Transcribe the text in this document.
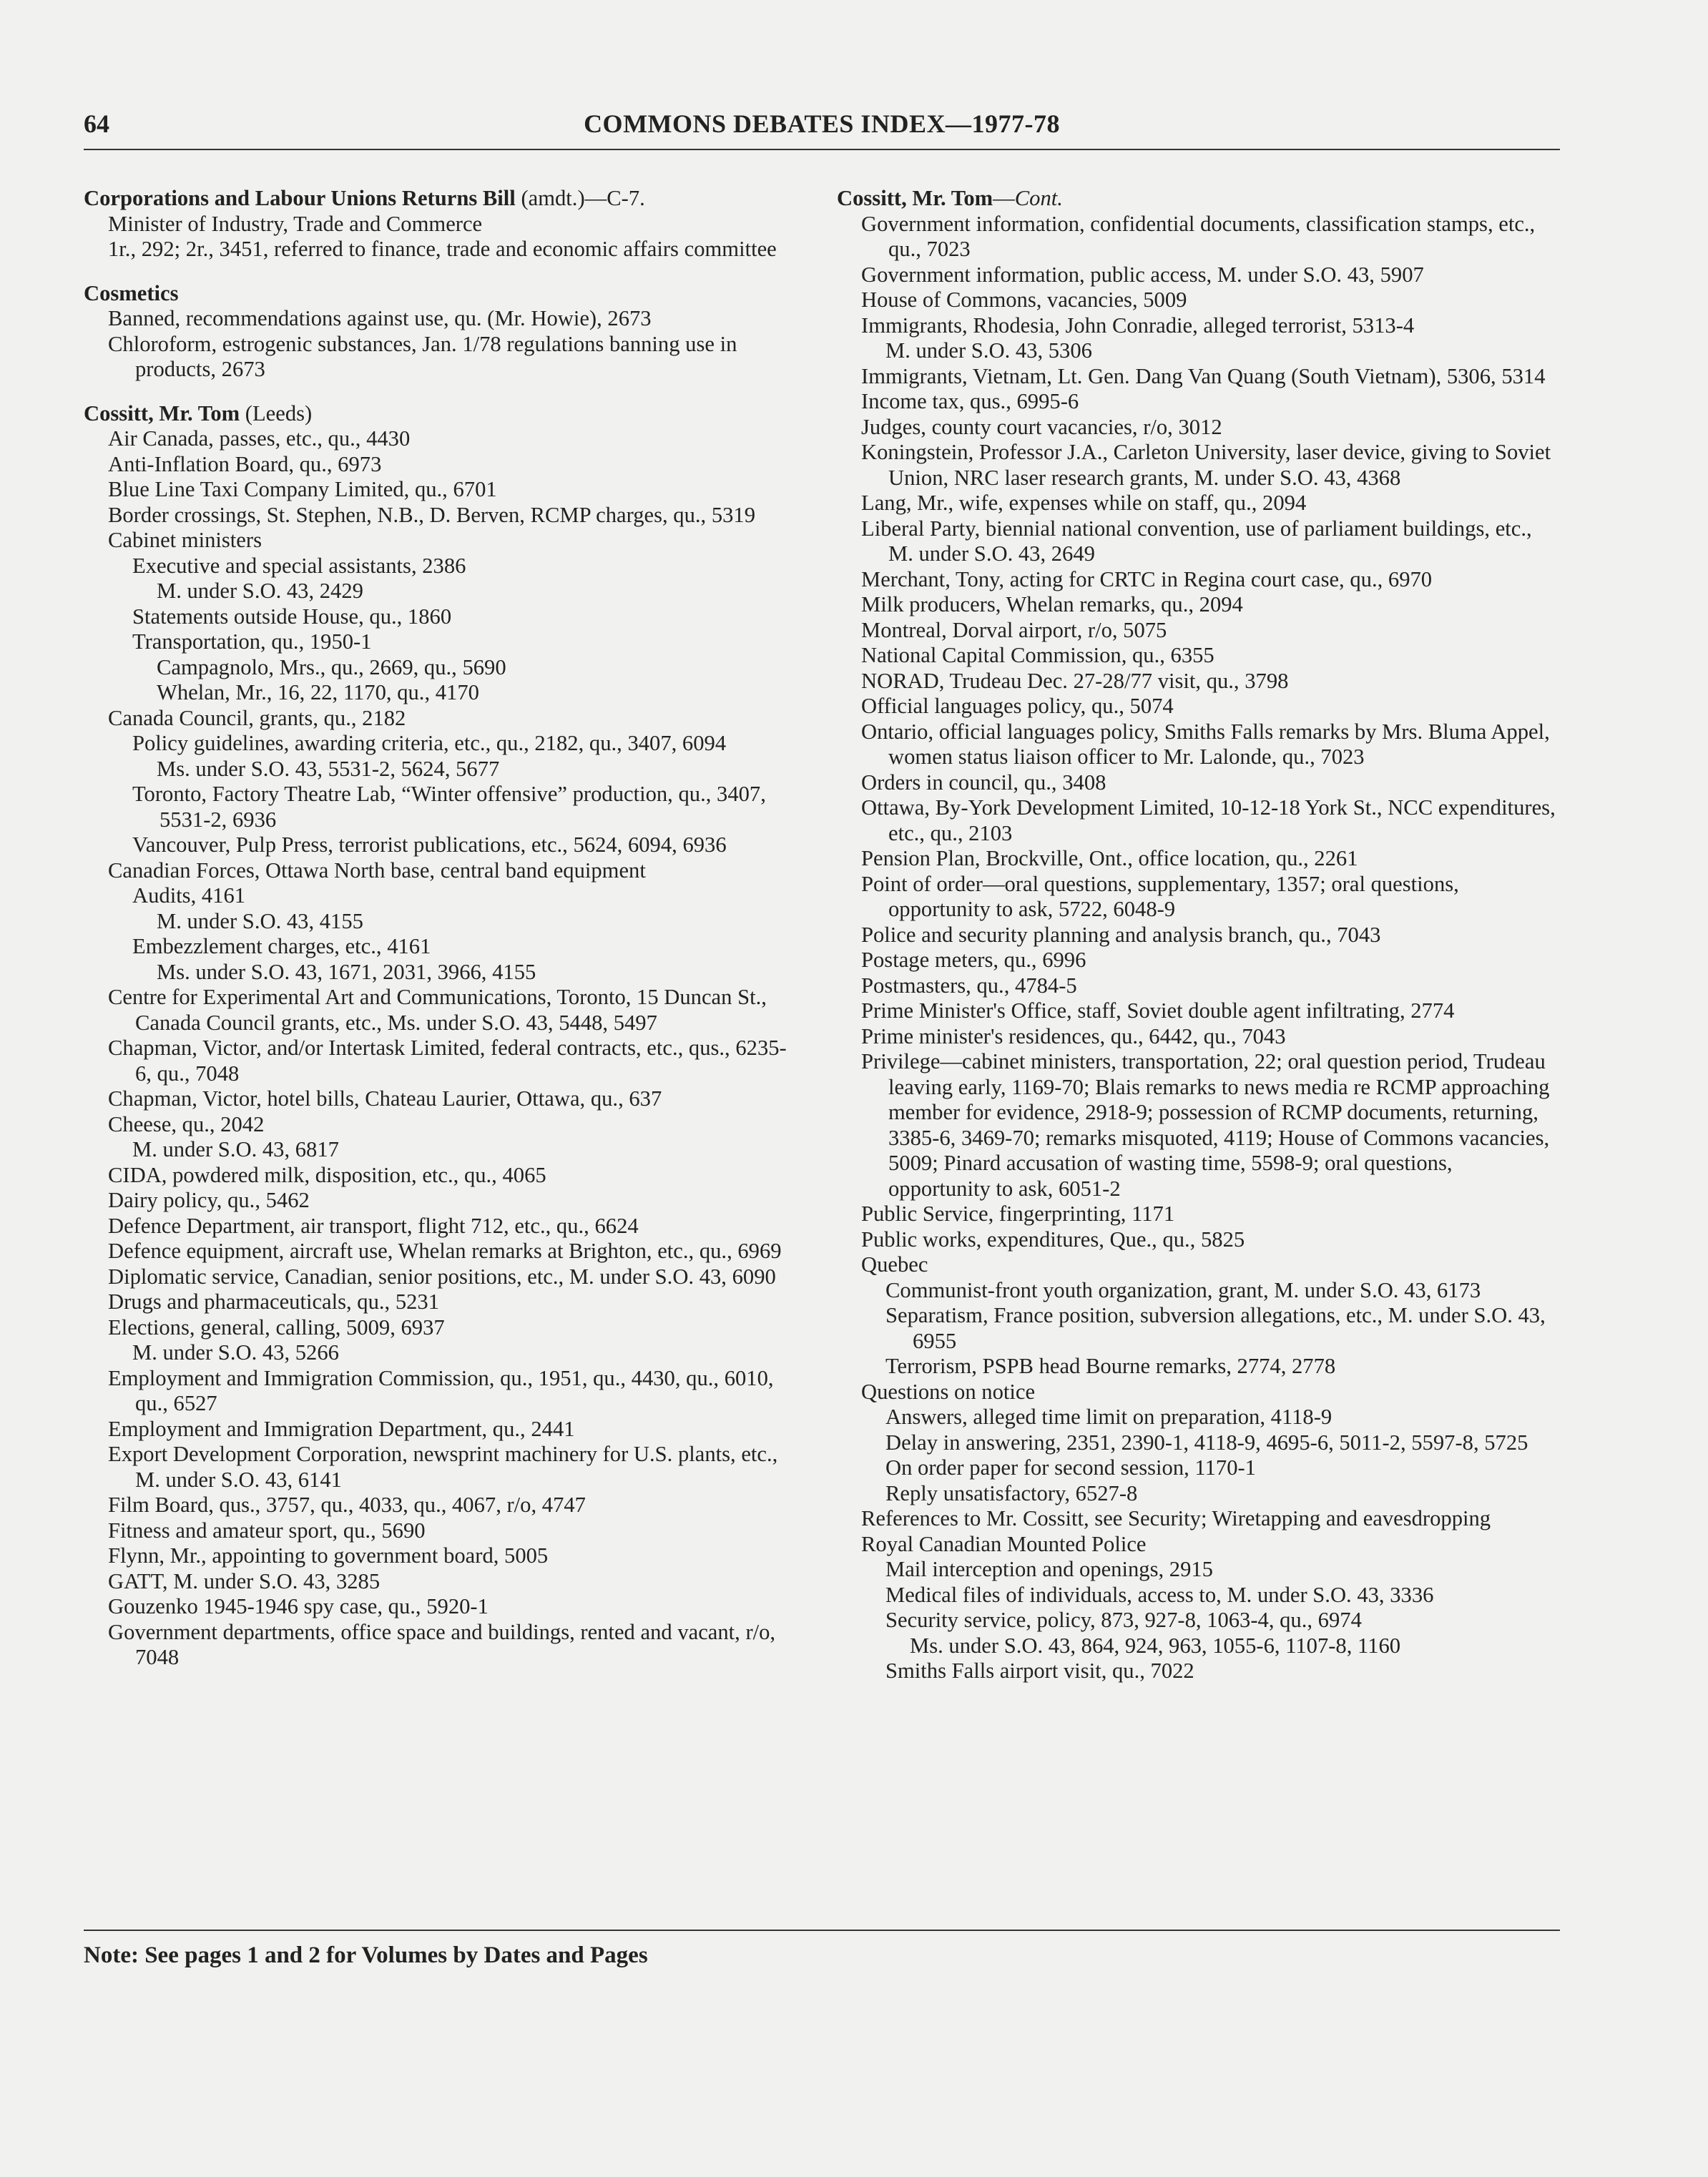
64	COMMONS DEBATES INDEX—1977-78
Corporations and Labour Unions Returns Bill (amdt.)—C-7.
Minister of Industry, Trade and Commerce
1r., 292; 2r., 3451, referred to finance, trade and economic affairs committee
Cosmetics
Banned, recommendations against use, qu. (Mr. Howie), 2673
Chloroform, estrogenic substances, Jan. 1/78 regulations banning use in products, 2673
Cossitt, Mr. Tom (Leeds)
Air Canada, passes, etc., qu., 4430
Anti-Inflation Board, qu., 6973
Blue Line Taxi Company Limited, qu., 6701
Border crossings, St. Stephen, N.B., D. Berven, RCMP charges, qu., 5319
Cabinet ministers
Executive and special assistants, 2386
M. under S.O. 43, 2429
Statements outside House, qu., 1860
Transportation, qu., 1950-1
Campagnolo, Mrs., qu., 2669, qu., 5690
Whelan, Mr., 16, 22, 1170, qu., 4170
Canada Council, grants, qu., 2182
Policy guidelines, awarding criteria, etc., qu., 2182, qu., 3407, 6094
Ms. under S.O. 43, 5531-2, 5624, 5677
Toronto, Factory Theatre Lab, “Winter offensive” production, qu., 3407, 5531-2, 6936
Vancouver, Pulp Press, terrorist publications, etc., 5624, 6094, 6936
Canadian Forces, Ottawa North base, central band equipment
Audits, 4161
M. under S.O. 43, 4155
Embezzlement charges, etc., 4161
Ms. under S.O. 43, 1671, 2031, 3966, 4155
Centre for Experimental Art and Communications, Toronto, 15 Duncan St., Canada Council grants, etc., Ms. under S.O. 43, 5448, 5497
Chapman, Victor, and/or Intertask Limited, federal contracts, etc., qus., 6235-6, qu., 7048
Chapman, Victor, hotel bills, Chateau Laurier, Ottawa, qu., 637
Cheese, qu., 2042
M. under S.O. 43, 6817
CIDA, powdered milk, disposition, etc., qu., 4065
Dairy policy, qu., 5462
Defence Department, air transport, flight 712, etc., qu., 6624
Defence equipment, aircraft use, Whelan remarks at Brighton, etc., qu., 6969
Diplomatic service, Canadian, senior positions, etc., M. under S.O. 43, 6090
Drugs and pharmaceuticals, qu., 5231
Elections, general, calling, 5009, 6937
M. under S.O. 43, 5266
Employment and Immigration Commission, qu., 1951, qu., 4430, qu., 6010, qu., 6527
Employment and Immigration Department, qu., 2441
Export Development Corporation, newsprint machinery for U.S. plants, etc., M. under S.O. 43, 6141
Film Board, qus., 3757, qu., 4033, qu., 4067, r/o, 4747
Fitness and amateur sport, qu., 5690
Flynn, Mr., appointing to government board, 5005
GATT, M. under S.O. 43, 3285
Gouzenko 1945-1946 spy case, qu., 5920-1
Government departments, office space and buildings, rented and vacant, r/o, 7048
Cossitt, Mr. Tom—Cont.
Government information, confidential documents, classification stamps, etc., qu., 7023
Government information, public access, M. under S.O. 43, 5907
House of Commons, vacancies, 5009
Immigrants, Rhodesia, John Conradie, alleged terrorist, 5313-4
M. under S.O. 43, 5306
Immigrants, Vietnam, Lt. Gen. Dang Van Quang (South Vietnam), 5306, 5314
Income tax, qus., 6995-6
Judges, county court vacancies, r/o, 3012
Koningstein, Professor J.A., Carleton University, laser device, giving to Soviet Union, NRC laser research grants, M. under S.O. 43, 4368
Lang, Mr., wife, expenses while on staff, qu., 2094
Liberal Party, biennial national convention, use of parliament buildings, etc., M. under S.O. 43, 2649
Merchant, Tony, acting for CRTC in Regina court case, qu., 6970
Milk producers, Whelan remarks, qu., 2094
Montreal, Dorval airport, r/o, 5075
National Capital Commission, qu., 6355
NORAD, Trudeau Dec. 27-28/77 visit, qu., 3798
Official languages policy, qu., 5074
Ontario, official languages policy, Smiths Falls remarks by Mrs. Bluma Appel, women status liaison officer to Mr. Lalonde, qu., 7023
Orders in council, qu., 3408
Ottawa, By-York Development Limited, 10-12-18 York St., NCC expenditures, etc., qu., 2103
Pension Plan, Brockville, Ont., office location, qu., 2261
Point of order—oral questions, supplementary, 1357; oral questions, opportunity to ask, 5722, 6048-9
Police and security planning and analysis branch, qu., 7043
Postage meters, qu., 6996
Postmasters, qu., 4784-5
Prime Minister's Office, staff, Soviet double agent infiltrating, 2774
Prime minister's residences, qu., 6442, qu., 7043
Privilege—cabinet ministers, transportation, 22; oral question period, Trudeau leaving early, 1169-70; Blais remarks to news media re RCMP approaching member for evidence, 2918-9; possession of RCMP documents, returning, 3385-6, 3469-70; remarks misquoted, 4119; House of Commons vacancies, 5009; Pinard accusation of wasting time, 5598-9; oral questions, opportunity to ask, 6051-2
Public Service, fingerprinting, 1171
Public works, expenditures, Que., qu., 5825
Quebec
Communist-front youth organization, grant, M. under S.O. 43, 6173
Separatism, France position, subversion allegations, etc., M. under S.O. 43, 6955
Terrorism, PSPB head Bourne remarks, 2774, 2778
Questions on notice
Answers, alleged time limit on preparation, 4118-9
Delay in answering, 2351, 2390-1, 4118-9, 4695-6, 5011-2, 5597-8, 5725
On order paper for second session, 1170-1
Reply unsatisfactory, 6527-8
References to Mr. Cossitt, see Security; Wiretapping and eavesdropping
Royal Canadian Mounted Police
Mail interception and openings, 2915
Medical files of individuals, access to, M. under S.O. 43, 3336
Security service, policy, 873, 927-8, 1063-4, qu., 6974
Ms. under S.O. 43, 864, 924, 963, 1055-6, 1107-8, 1160
Smiths Falls airport visit, qu., 7022
Note: See pages 1 and 2 for Volumes by Dates and Pages
